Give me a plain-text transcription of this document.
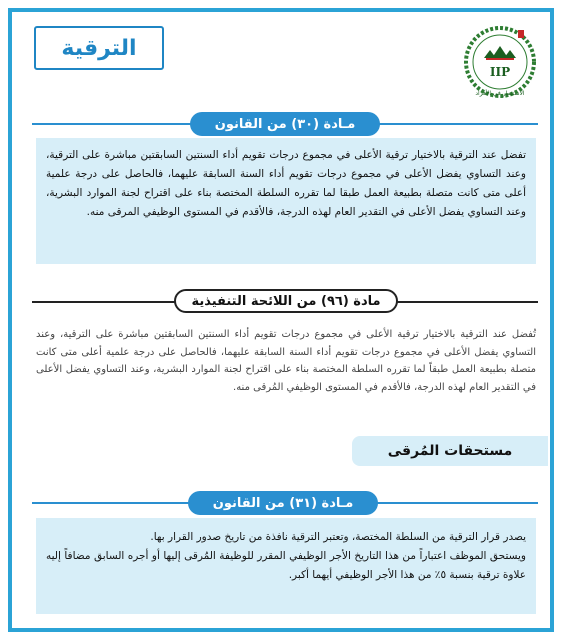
الترقية
IIP
الاستثمار في الأفراد
مـادة (٣٠) من القانون

تفضل عند الترقية بالاختيار ترقية الأعلى في مجموع درجات تقويم أداء السنتين السابقتين مباشرة على الترقية، وعند التساوي يفضل الأعلى في مجموع درجات تقويم أداء السنة السابقة عليهما، فالحاصل على درجة علمية أعلى متى كانت متصلة بطبيعة العمل طبقا لما تقرره السلطة المختصة بناء على اقتراح لجنة الموارد البشرية، وعند التساوي يفضل الأعلى في التقدير العام لهذه الدرجة، فالأقدم في المستوى الوظيفي المرقى منه.

مادة (٩٦) من اللائحة التنفيذية

تُفضل عند الترقية بالاختيار ترقية الأعلى في مجموع درجات تقويم أداء السنتين السابقتين مباشرة على الترقية، وعند التساوي يفضل الأعلى في مجموع درجات تقويم أداء السنة السابقة عليهما، فالحاصل على درجة علمية أعلى متى كانت متصلة بطبيعة العمل طبقاً لما تقرره السلطة المختصة بناء على اقتراح لجنة الموارد البشرية، وعند التساوي يفضل الأعلى في التقدير العام لهذه الدرجة، فالأقدم في المستوى الوظيفي المُرقى منه.

مستحقات المُرقى
مـادة (٣١) من القانون

يصدر قرار الترقية من السلطة المختصة، وتعتبر الترقية نافذة من تاريخ صدور القرار بها.

ويستحق الموظف اعتباراً من هذا التاريخ الأجر الوظيفي المقرر للوظيفة المُرقى إليها أو أجره السابق مضافاً إليه علاوة ترقية بنسبة ٥٪ من هذا الأجر الوظيفي أيهما أكبر.
